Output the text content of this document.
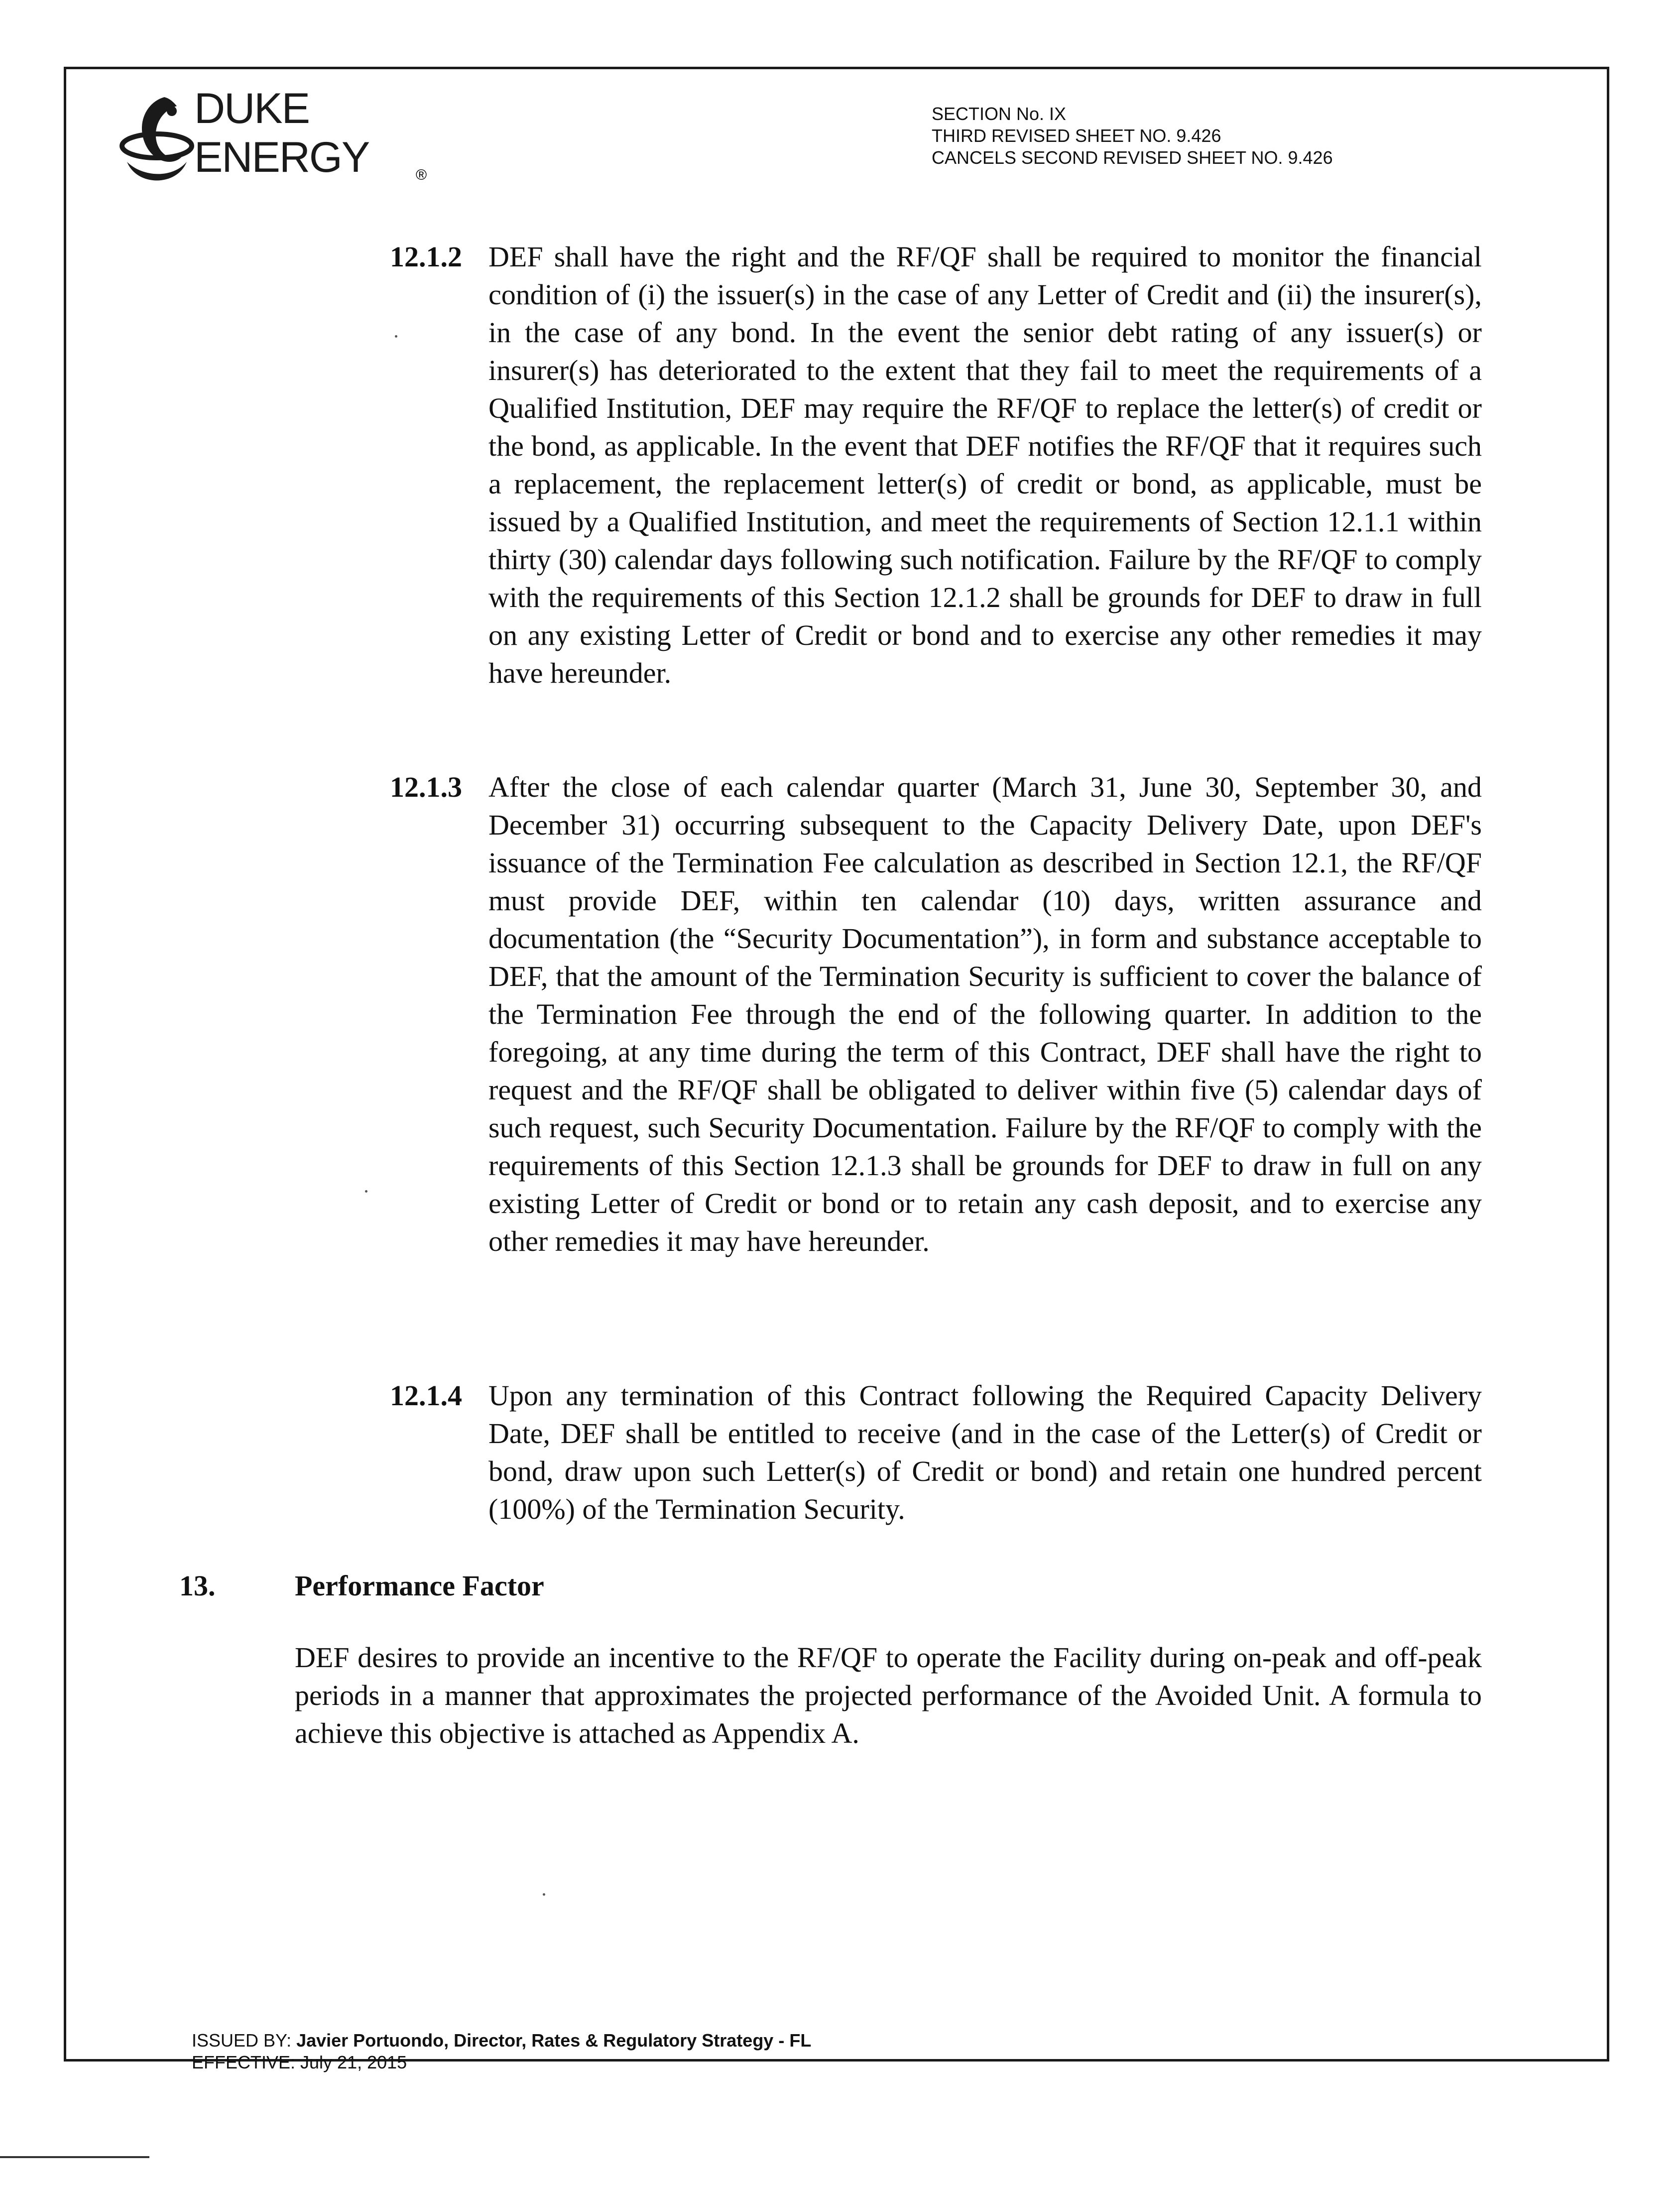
DUKE
ENERGY	®
SECTION No. IX
THIRD REVISED SHEET NO. 9.426
CANCELS SECOND REVISED SHEET NO. 9.426
12.1.2 DEF shall have the right and the RF/QF shall be required to monitor the financial condition of (i) the issuer(s) in the case of any Letter of Credit and (ii) the insurer(s), in the case of any bond. In the event the senior debt rating of any issuer(s) or insurer(s) has deteriorated to the extent that they fail to meet the requirements of a Qualified Institution, DEF may require the RF/QF to replace the letter(s) of credit or the bond, as applicable. In the event that DEF notifies the RF/QF that it requires such a replacement, the replacement letter(s) of credit or bond, as applicable, must be issued by a Qualified Institution, and meet the requirements of Section 12.1.1 within thirty (30) calendar days following such notification. Failure by the RF/QF to comply with the requirements of this Section 12.1.2 shall be grounds for DEF to draw in full on any existing Letter of Credit or bond and to exercise any other remedies it may have hereunder.
12.1.3 After the close of each calendar quarter (March 31, June 30, September 30, and December 31) occurring subsequent to the Capacity Delivery Date, upon DEF's issuance of the Termination Fee calculation as described in Section 12.1, the RF/QF must provide DEF, within ten calendar (10) days, written assurance and documentation (the “Security Documentation”), in form and substance acceptable to DEF, that the amount of the Termination Security is sufficient to cover the balance of the Termination Fee through the end of the following quarter. In addition to the foregoing, at any time during the term of this Contract, DEF shall have the right to request and the RF/QF shall be obligated to deliver within five (5) calendar days of such request, such Security Documentation. Failure by the RF/QF to comply with the requirements of this Section 12.1.3 shall be grounds for DEF to draw in full on any existing Letter of Credit or bond or to retain any cash deposit, and to exercise any other remedies it may have hereunder.
12.1.4 Upon any termination of this Contract following the Required Capacity Delivery Date, DEF shall be entitled to receive (and in the case of the Letter(s) of Credit or bond, draw upon such Letter(s) of Credit or bond) and retain one hundred percent (100%) of the Termination Security.
13.	Performance Factor
DEF desires to provide an incentive to the RF/QF to operate the Facility during on-peak and off-peak periods in a manner that approximates the projected performance of the Avoided Unit. A formula to achieve this objective is attached as Appendix A.
ISSUED BY: Javier Portuondo, Director, Rates & Regulatory Strategy - FL
EFFECTIVE: July 21, 2015
